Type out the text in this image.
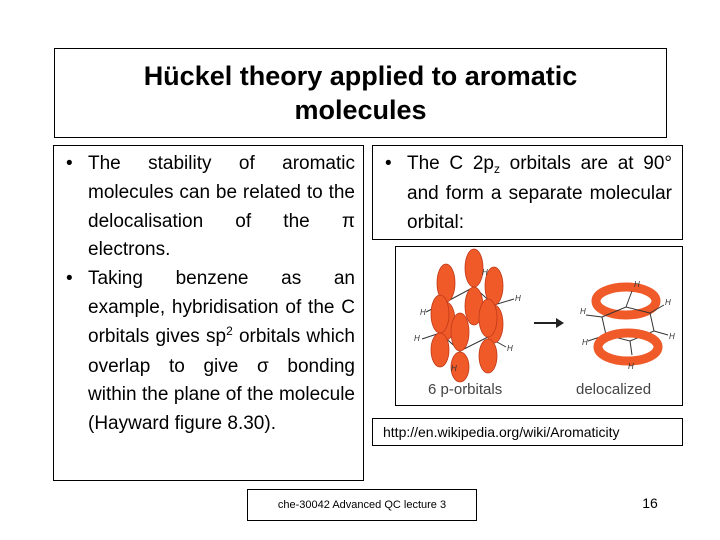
Hückel theory applied to aromatic molecules
• The stability of aromatic molecules can be related to the delocalisation of the π electrons.
• Taking benzene as an example, hybridisation of the C orbitals gives $sp^2$ orbitals which overlap to give σ bonding within the plane of the molecule (Hayward figure 8.30).
• The C $2p_z$ orbitals are at 90° and form a separate molecular orbital:
H
H
H
H
H
H
H
H
H
H
H
H
6 p-orbitals	delocalized
http://en.wikipedia.org/wiki/Aromaticity
che-30042 Advanced QC lecture 3	16
